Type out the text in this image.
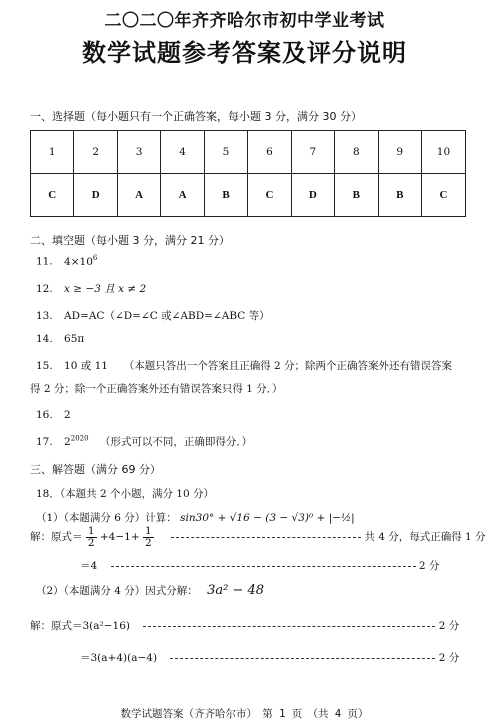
二〇二〇年齐齐哈尔市初中学业考试
数学试题参考答案及评分说明
一、选择题（每小题只有一个正确答案，每小题 3 分，满分 30 分）
1	2	3	4	5	6	7	8	9	10
C	D	A	A	B	C	D	B	B	C
二、填空题（每小题 3 分，满分 21 分）
11. $4\times 10^6$
12. x ≥ −3 且 x ≠ 2
13. AD=AC（∠D=∠C 或∠ABD=∠ABC 等）
14. 65π
15. 10 或 11　　（本题只答出一个答案且正确得 2 分；除两个正确答案外还有错误答案
得 2 分；除一个正确答案外还有错误答案只得 1 分．）
16. 2
17. $2^{2020}$ （形式可以不同，正确即得分．）
三、解答题（满分 69 分）
18．（本题共 2 个小题，满分 10 分）
（1）（本题满分 6 分）计算： sin30° + √16 − (3 − √3)⁰ + |−½|
解：原式＝ $\frac{1}{2} +4-1+ \frac{1}{2}$	共 4 分，每式正确得 1 分
＝4	2 分
（2）（本题满分 4 分）因式分解： 3a² − 48
解：原式＝3(a²−16)	2 分
＝3(a+4)(a−4)	2 分
数学试题答案（齐齐哈尔市）　第 1 页　（共 4 页）
